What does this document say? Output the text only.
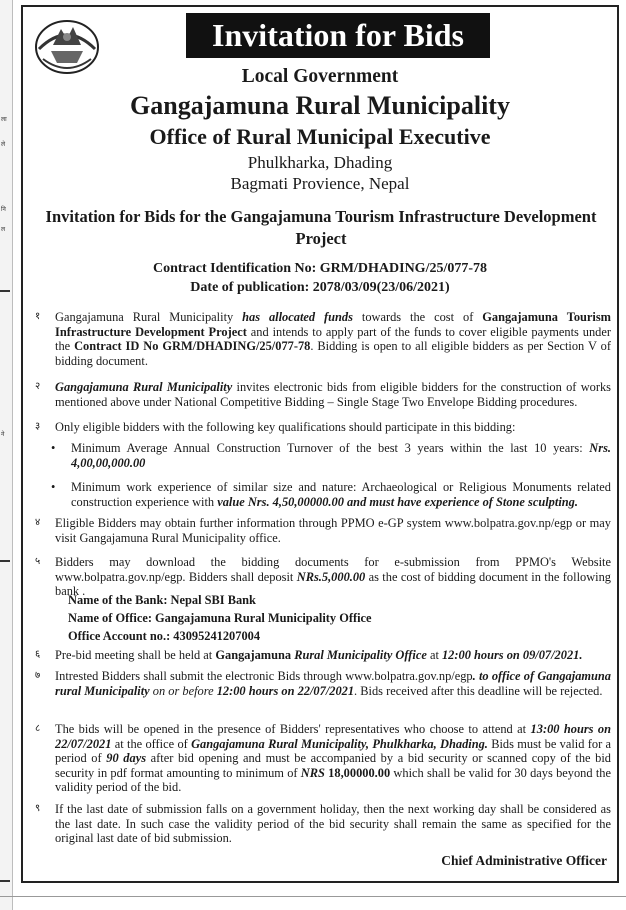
ला
ले
नि
ल
ने
Invitation for Bids
Local Government
Gangajamuna Rural Municipality
Office of Rural Municipal Executive
Phulkharka, Dhading
Bagmati Provience, Nepal
Invitation for Bids for the Gangajamuna Tourism Infrastructure Development Project
Contract Identification No: GRM/DHADING/25/077-78
Date of publication: 2078/03/09(23/06/2021)
१	Gangajamuna Rural Municipality has allocated funds towards the cost of Gangajamuna Tourism Infrastructure Development Project and intends to apply part of the funds to cover eligible payments under the Contract ID No GRM/DHADING/25/077-78. Bidding is open to all eligible bidders as per Section V of bidding document.
२	Gangajamuna Rural Municipality invites electronic bids from eligible bidders for the construction of works mentioned above under National Competitive Bidding – Single Stage Two Envelope Bidding procedures.
३	Only eligible bidders with the following key qualifications should participate in this bidding:
• Minimum Average Annual Construction Turnover of the best 3 years within the last 10 years: Nrs. 4,00,00,000.00
• Minimum work experience of similar size and nature: Archaeological or Religious Monuments related construction experience with value Nrs. 4,50,00000.00 and must have experience of Stone sculpting.
४	Eligible Bidders may obtain further information through PPMO e-GP system www.bolpatra.gov.np/egp or may visit Gangajamuna Rural Municipality office.
५	Bidders may download the bidding documents for e-submission from PPMO's Website www.bolpatra.gov.np/egp. Bidders shall deposit NRs.5,000.00 as the cost of bidding document in the following bank .
Name of the Bank: Nepal SBI Bank
Name of Office: Gangajamuna Rural Municipality Office
Office Account no.: 43095241207004
६	Pre-bid meeting shall be held at Gangajamuna Rural Municipality Office at 12:00 hours on 09/07/2021.
७	Intrested Bidders shall submit the electronic Bids through www.bolpatra.gov.np/egp. to office of Gangajamuna rural Municipality on or before 12:00 hours on 22/07/2021. Bids received after this deadline will be rejected.
८	The bids will be opened in the presence of Bidders' representatives who choose to attend at 13:00 hours on 22/07/2021 at the office of Gangajamuna Rural Municipality, Phulkharka, Dhading. Bids must be valid for a period of 90 days after bid opening and must be accompanied by a bid security or scanned copy of the bid security in pdf format amounting to minimum of NRS 18,00000.00 which shall be valid for 30 days beyond the validity period of the bid.
९	If the last date of submission falls on a government holiday, then the next working day shall be considered as the last date. In such case the validity period of the bid security shall remain the same as specified for the original last date of bid submission.
Chief Administrative Officer
